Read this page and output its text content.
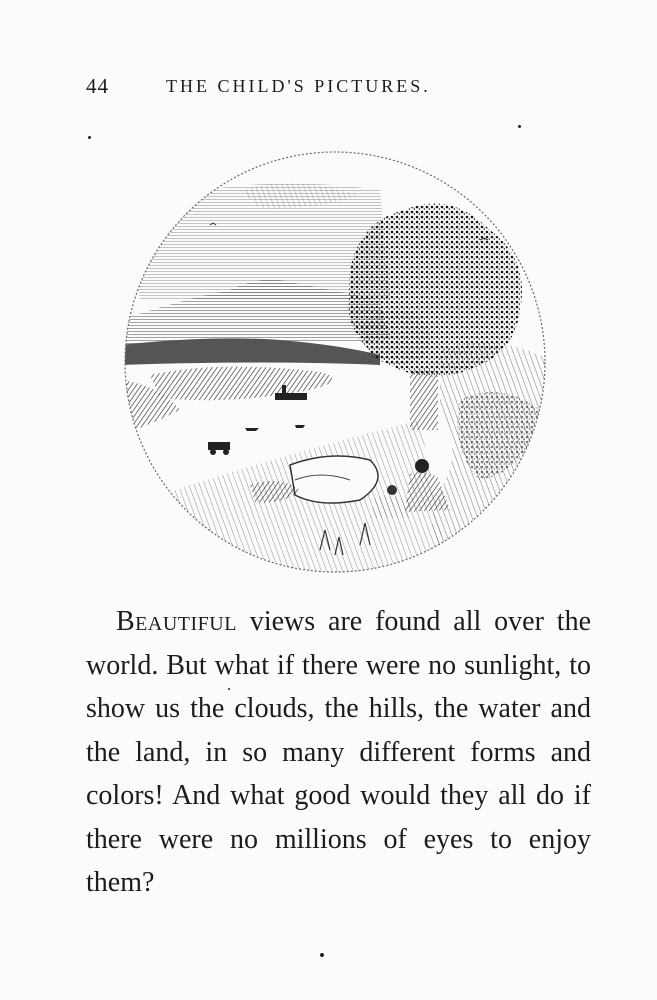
44	THE CHILD'S PICTURES.

Beautiful views are found all over the world. But what if there were no sunlight, to show us the clouds, the hills, the water and the land, in so many different forms and colors! And what good would they all do if there were no millions of eyes to enjoy them?
